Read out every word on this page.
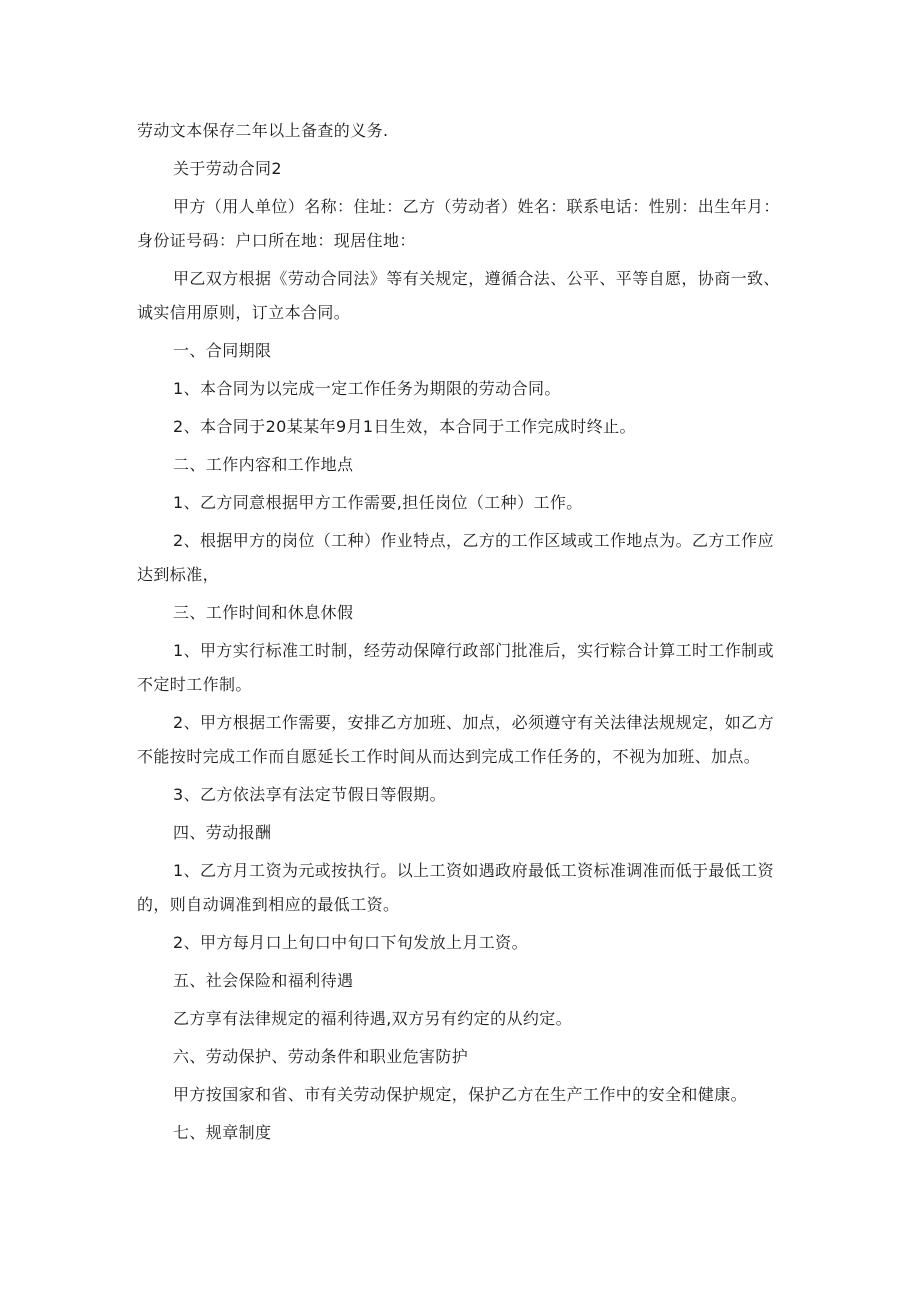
劳动文本保存二年以上备查的义务.

关于劳动合同2

甲方（用人单位）名称：住址：乙方（劳动者）姓名：联系电话：性别：出生年月：身份证号码：户口所在地：现居住地：

甲乙双方根据《劳动合同法》等有关规定，遵循合法、公平、平等自愿，协商一致、诚实信用原则，订立本合同。

一、合同期限

1、本合同为以完成一定工作任务为期限的劳动合同。

2、本合同于20某某年9月1日生效，本合同于工作完成时终止。

二、工作内容和工作地点

1、乙方同意根据甲方工作需要,担任岗位（工种）工作。

2、根据甲方的岗位（工种）作业特点，乙方的工作区域或工作地点为。乙方工作应达到标准，

三、工作时间和休息休假

1、甲方实行标准工时制，经劳动保障行政部门批准后，实行粽合计算工时工作制或不定时工作制。

2、甲方根据工作需要，安排乙方加班、加点，必须遵守有关法律法规规定，如乙方不能按时完成工作而自愿延长工作时间从而达到完成工作任务的，不视为加班、加点。

3、乙方依法享有法定节假日等假期。

四、劳动报酬

1、乙方月工资为元或按执行。以上工资如遇政府最低工资标准调准而低于最低工资的，则自动调准到相应的最低工资。

2、甲方每月口上旬口中旬口下旬发放上月工资。

五、社会保险和福利待遇

乙方享有法律规定的福利待遇,双方另有约定的从约定。

六、劳动保护、劳动条件和职业危害防护

甲方按国家和省、市有关劳动保护规定，保护乙方在生产工作中的安全和健康。

七、规章制度
